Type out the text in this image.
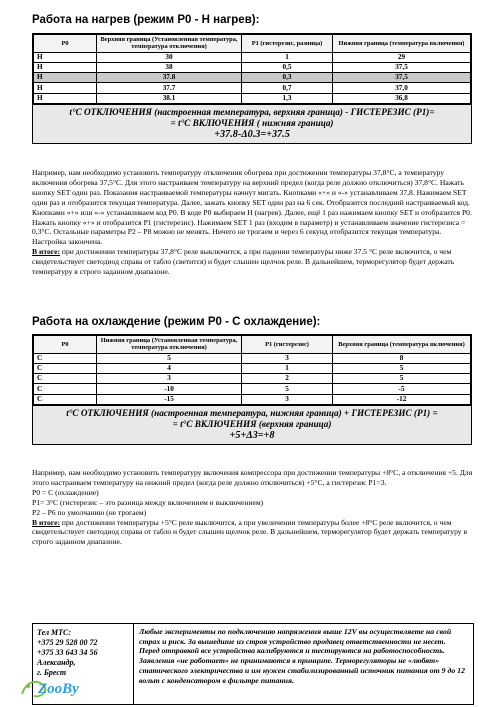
Работа на нагрев (режим Р0 - Н нагрев):
Р0	Верхняя граница (Установленная температура, температура отключения)	Р1 (гистерезис, разница)	Нижняя граница (температура включения)
Н	30	1	29
Н	38	0,5	37,5
Н	37.8	0,3	37,5
Н	37.7	0,7	37,0
Н	38.1	1,3	36,8
t°C ОТКЛЮЧЕНИЯ (настроенная температура, верхняя граница) - ГИСТЕРЕЗИС (Р1)=
= t°C ВКЛЮЧЕНИЯ ( нижняя граница)
+37.8-Δ0.3=+37.5

Например, нам необходимо установить температуру отключения обогрева при достижении температуры 37,8°С, а температуру включения обогрева 37,5°С. Для этого настраиваем температуру на верхний предел (когда реле должно отключиться) 37,8°С. Нажать кнопку SET один раз. Показания настраиваемой температуры начнут мигать. Кнопками «+» и «-» устанавливаем 37,8. Нажимаем SET один раз и отобразится текущая температура. Далее, зажать кнопку SET один раз на 6 сек. Отобразится последний настраиваемый код. Кнопками «+» или «-» устанавливаем код Р0. В коде Р0 выбираем Н (нагрев). Далее, ещё 1 раз нажимаем кнопку SET и отобразится Р0. Нажать кнопку «+» и отобразится Р1 (гистерезис). Нажимаем SET 1 раз (входим в параметр) и устанавливаем значение гистерезиса = 0,3°С. Остальные параметры Р2 – Р8 можно не менять. Ничего не трогаем и через 6 секунд отобразится текущая температура. Настройка закончена.

В итоге: при достижении температуры 37,8°С реле выключится, а при падении температуры ниже 37.5 °С реле включится, о чем свидетельствует светодиод справа от табло (светится) и будет слышен щелчок реле. В дальнейшем, терморегулятор будет держать температуру в строго заданном диапазоне.

Работа на охлаждение (режим Р0 - С охлаждение):
Р0	Нижняя граница (Установленная температура, температура отключения)	Р1 (гистерезис)	Верхняя граница (температура включения)
С	5	3	8
С	4	1	5
С	3	2	5
С	-10	5	-5
С	-15	3	-12
t°C ОТКЛЮЧЕНИЯ (настроенная температура, нижняя граница) + ГИСТЕРЕЗИС (Р1) =
= t°C ВКЛЮЧЕНИЯ (верхняя граница)
+5+Δ3=+8

Например, нам необходимо установить температуру включения компрессора при достижении температуры +8°С, а отключения +5. Для этого настраиваем температуру на нижний предел (когда реле должно отключиться) +5°С, а гистерезис Р1=3.

Р0 = С (охлаждение)

Р1= 3°С (гистерезис – это разница между включением и выключением)

Р2 – Р6 по умолчанию (не трогаем)

В итоге: при достижении температуры +5°С реле выключится, а при увеличении температуры более +8°С реле включится, о чем свидетельствует светодиод справа от табло и будет слышен щелчок реле. В дальнейшем, терморегулятор будет держать температуру в строго заданном диапазоне.

Тел МТС:
+375 29 528 00 72
+375 33 643 34 56
Александр,
г. Брест
Любые эксперименты по подключению напряжения выше 12V вы осуществляете на свой страх и риск. За вышедшие из строя устройство продавец ответственности не несет. Перед отправкой все устройства калибруются и тестируются на работоспособность. Заявления «не работает» не принимаются в принципе. Терморегуляторы не «любят» статического электричества и им нужен стабилизированный источник питания от 9 до 12 вольт с конденсатором в фильтре питания.
ZooBy
